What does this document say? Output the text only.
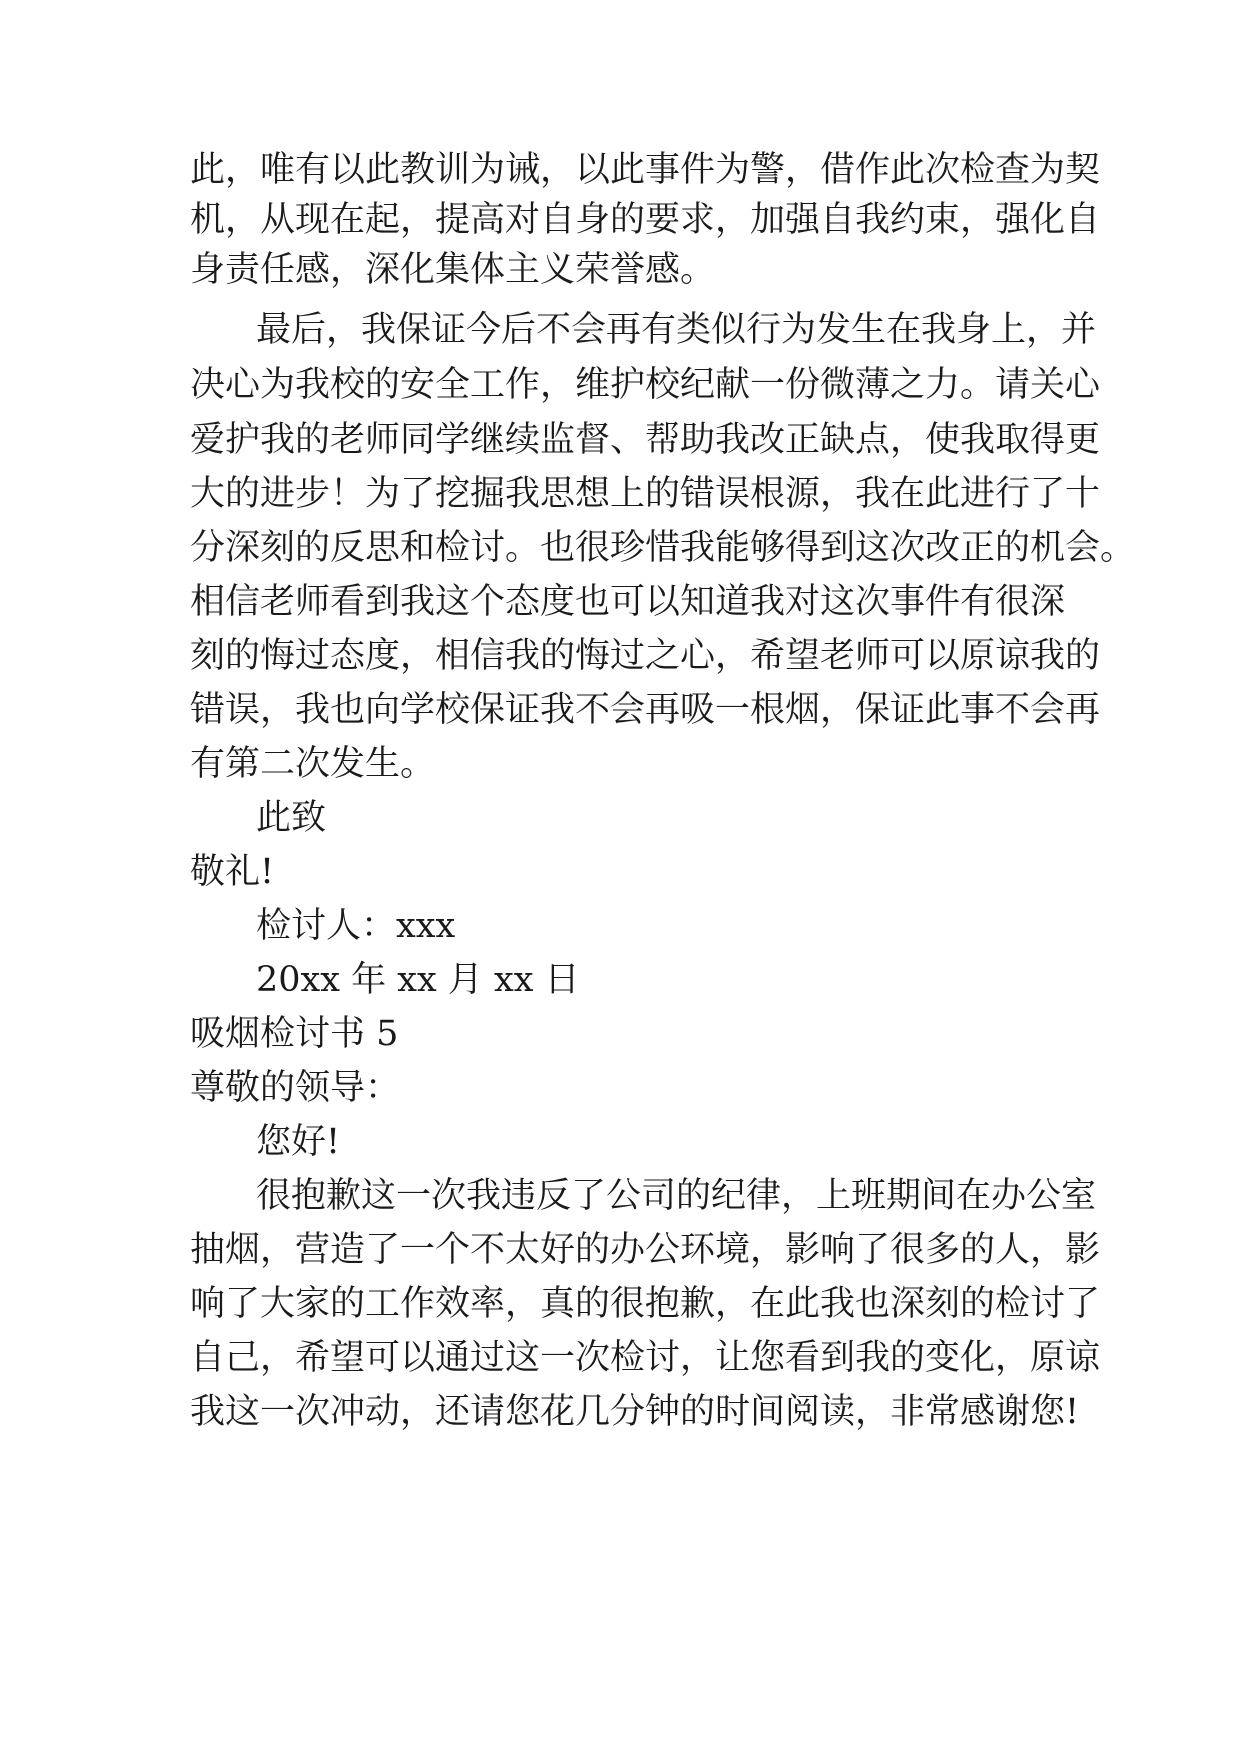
此，唯有以此教训为诫，以此事件为警，借作此次检查为契
机，从现在起，提高对自身的要求，加强自我约束，强化自
身责任感，深化集体主义荣誉感。
最后，我保证今后不会再有类似行为发生在我身上，并
决心为我校的安全工作，维护校纪献一份微薄之力。请关心
爱护我的老师同学继续监督、帮助我改正缺点，使我取得更
大的进步！为了挖掘我思想上的错误根源，我在此进行了十
分深刻的反思和检讨。也很珍惜我能够得到这次改正的机会。
相信老师看到我这个态度也可以知道我对这次事件有很深
刻的悔过态度，相信我的悔过之心，希望老师可以原谅我的
错误，我也向学校保证我不会再吸一根烟，保证此事不会再
有第二次发生。
此致
敬礼!
检讨人：xxx
20xx 年 xx 月 xx 日
吸烟检讨书 5
尊敬的领导：
您好!
很抱歉这一次我违反了公司的纪律，上班期间在办公室
抽烟，营造了一个不太好的办公环境，影响了很多的人，影
响了大家的工作效率，真的很抱歉，在此我也深刻的检讨了
自己，希望可以通过这一次检讨，让您看到我的变化，原谅
我这一次冲动，还请您花几分钟的时间阅读，非常感谢您!
